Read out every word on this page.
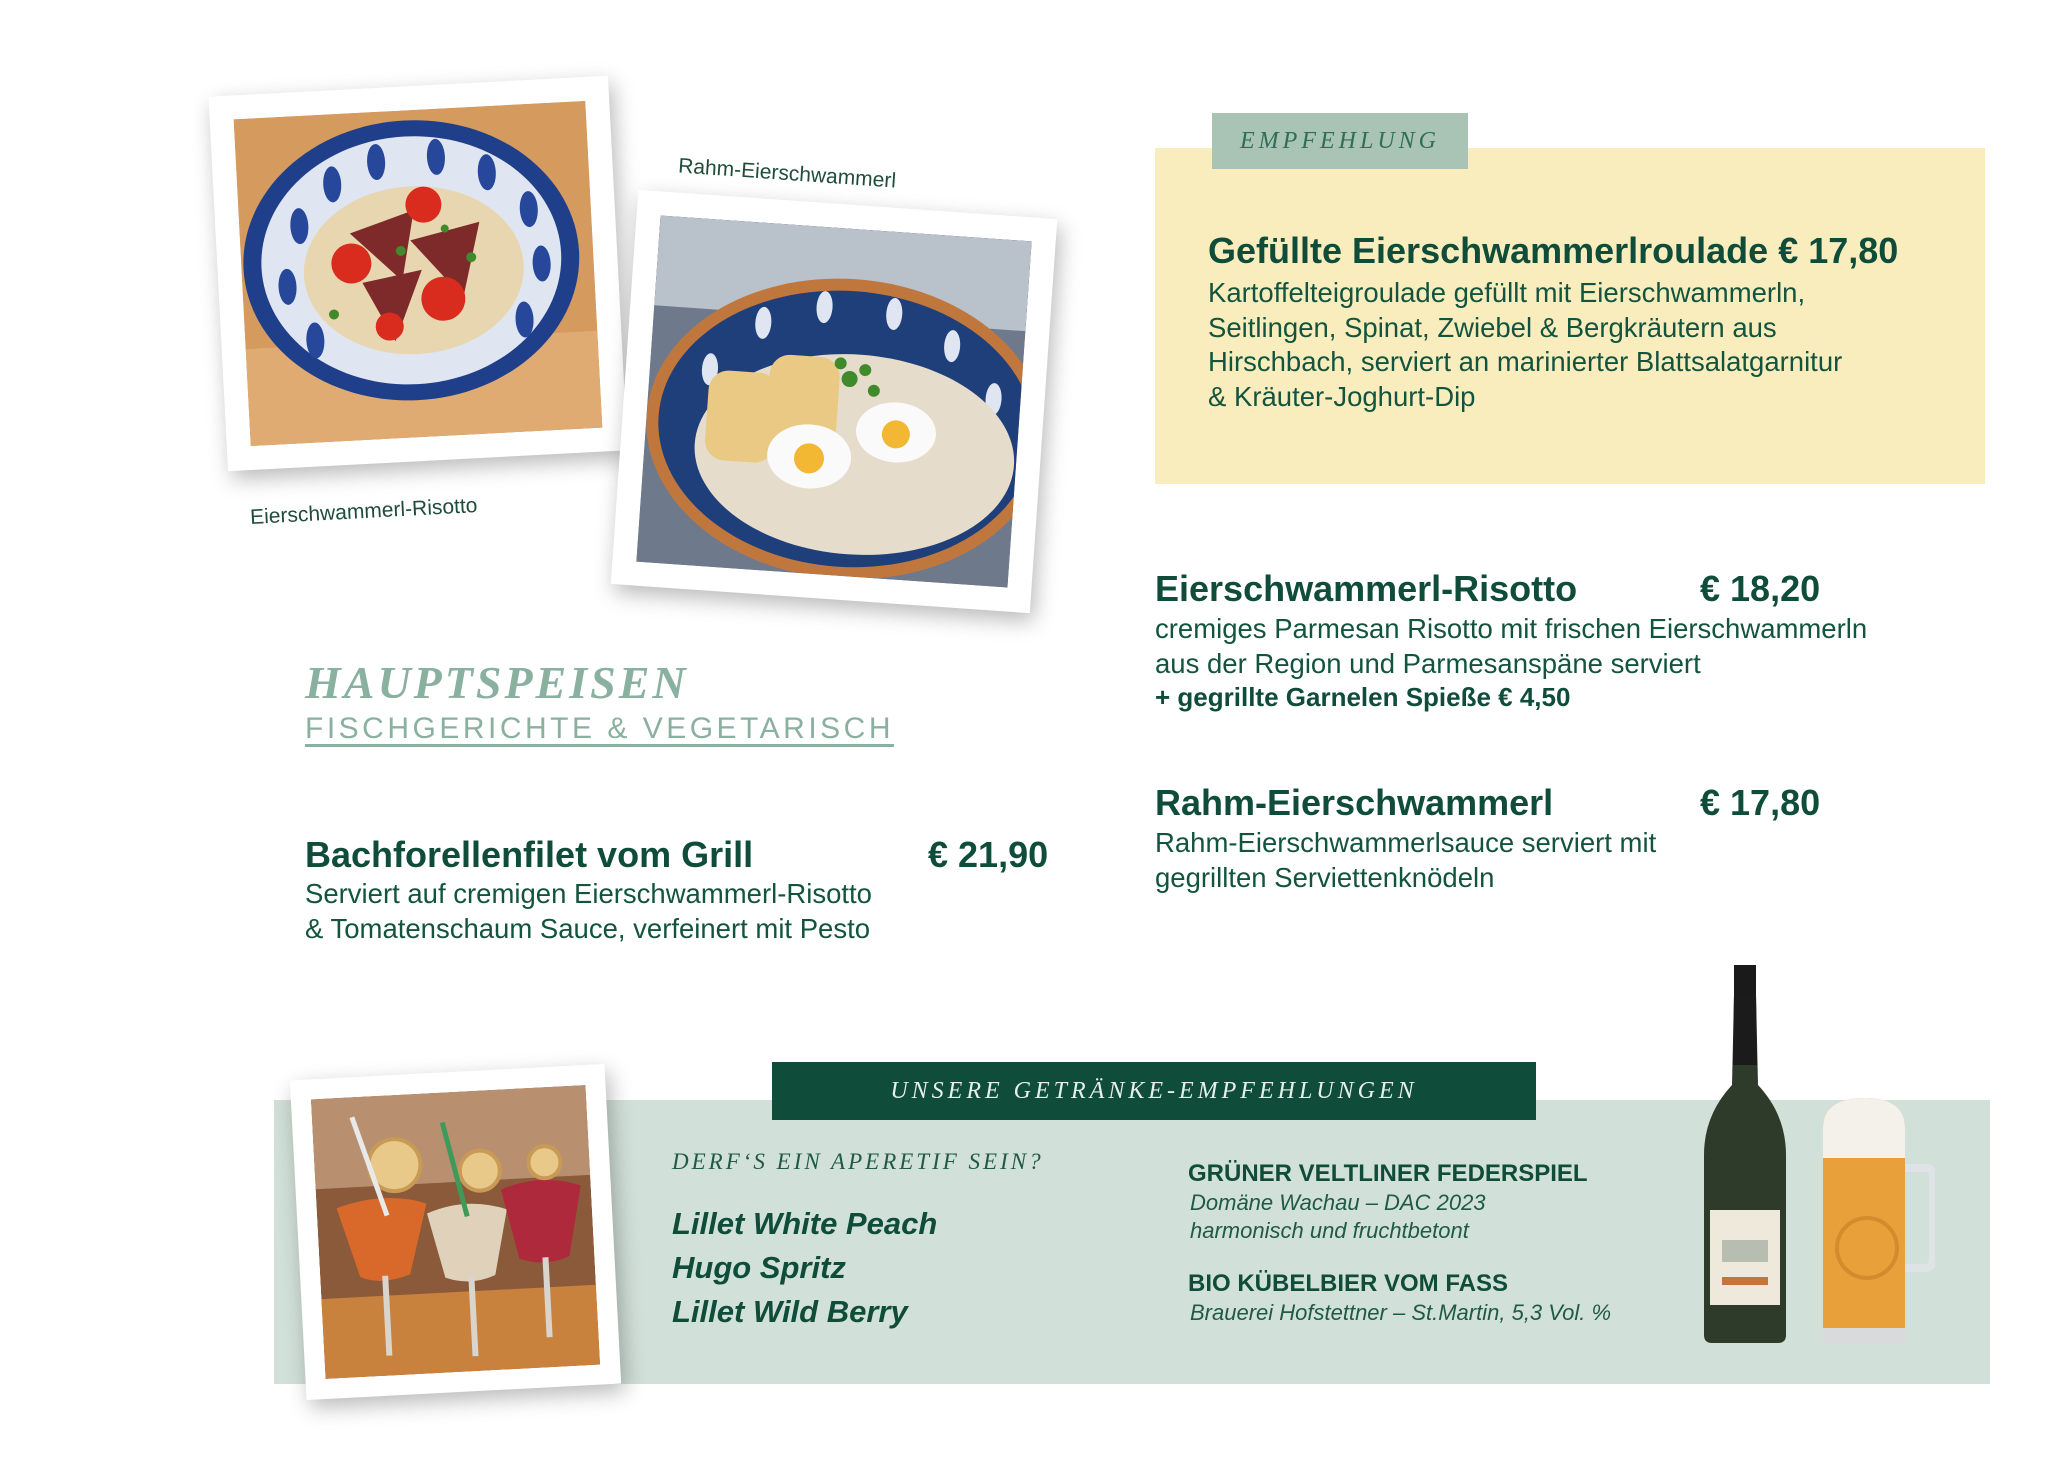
Eierschwammerl-Risotto
Rahm-Eierschwammerl
EMPFEHLUNG
Gefüllte Eierschwammerlroulade € 17,80
Kartoffelteigroulade gefüllt mit Eierschwammerln,
Seitlingen, Spinat, Zwiebel & Bergkräutern aus
Hirschbach, serviert an marinierter Blattsalatgarnitur
& Kräuter-Joghurt-Dip
Eierschwammerl-Risotto	€ 18,20
cremiges Parmesan Risotto mit frischen Eierschwammerln
aus der Region und Parmesanspäne serviert
+ gegrillte Garnelen Spieße € 4,50
Rahm-Eierschwammerl	€ 17,80
Rahm-Eierschwammerlsauce serviert mit
gegrillten Serviettenknödeln
HAUPTSPEISEN
FISCHGERICHTE & VEGETARISCH
Bachforellenfilet vom Grill	€ 21,90
Serviert auf cremigen Eierschwammerl-Risotto
& Tomatenschaum Sauce, verfeinert mit Pesto
UNSERE GETRÄNKE-EMPFEHLUNGEN
DERF‘S EIN APERETIF SEIN?
Lillet White Peach
Hugo Spritz
Lillet Wild Berry
GRÜNER VELTLINER FEDERSPIEL
Domäne Wachau – DAC 2023
harmonisch und fruchtbetont
BIO KÜBELBIER VOM FASS
Brauerei Hofstettner – St.Martin, 5,3 Vol. %
